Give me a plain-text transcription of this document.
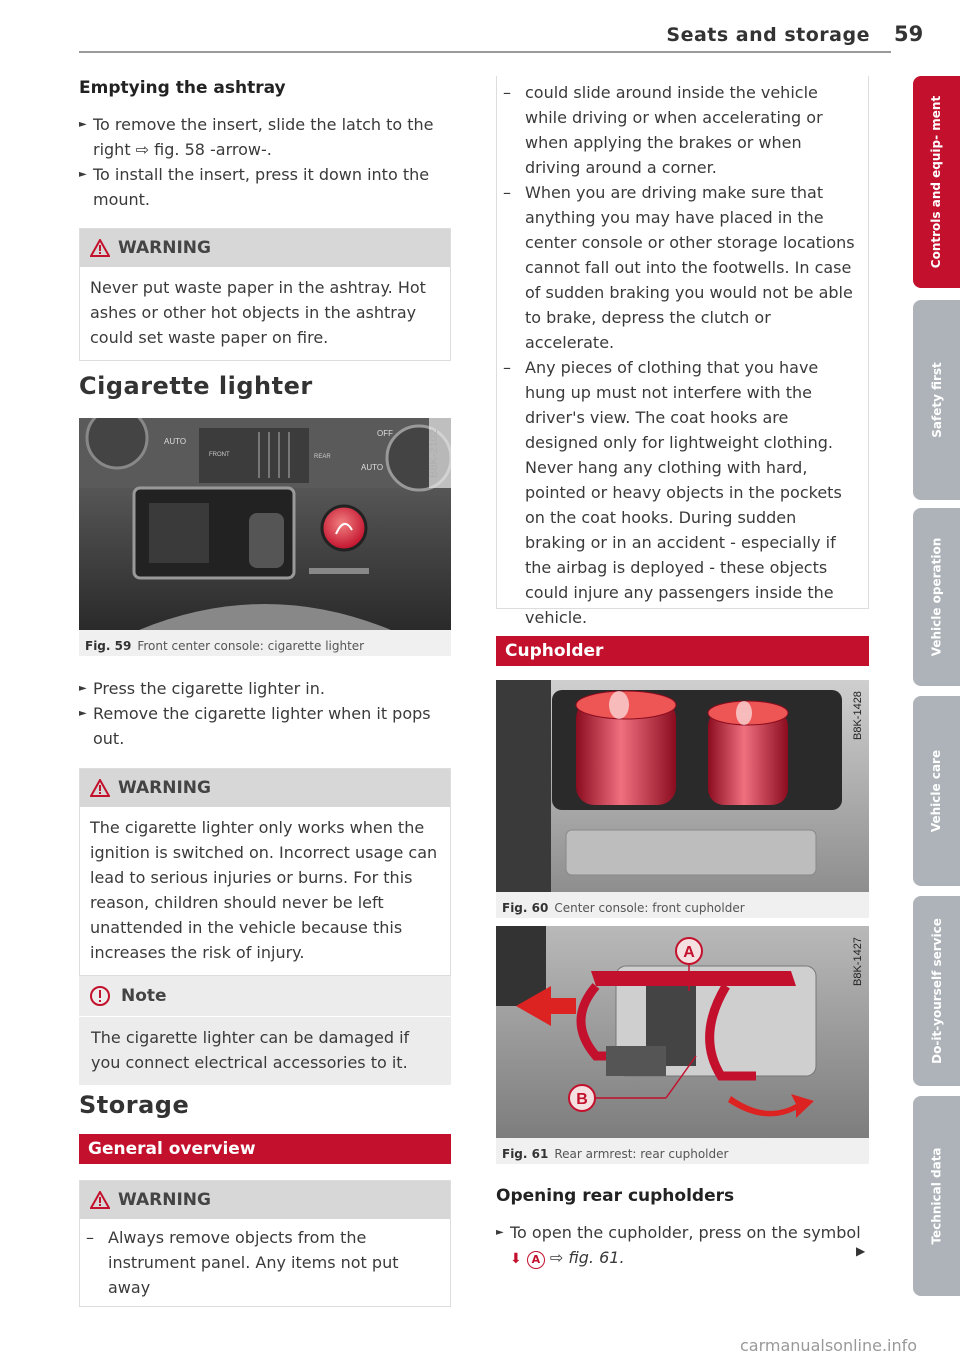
Seats and storage 59
Emptying the ashtray

► To remove the insert, slide the latch to the right ⇨ fig. 58 -arrow-.

► To install the insert, press it down into the mount.

WARNING

Never put waste paper in the ashtray. Hot ashes or other hot objects in the ashtray could set waste paper on fire.

Cigarette lighter
AUTO
OFF
AUTO
FRONT	REAR
Fig. 59 Front center console: cigarette lighter

► Press the cigarette lighter in.

► Remove the cigarette lighter when it pops out.

WARNING

The cigarette lighter only works when the ignition is switched on. Incorrect usage can lead to serious injuries or burns. For this reason, children should never be left unattended in the vehicle because this increases the risk of injury.

Note

The cigarette lighter can be damaged if you connect electrical accessories to it.

Storage
General overview
WARNING

– Always remove objects from the instrument panel. Any items not put away

– could slide around inside the vehicle while driving or when accelerating or when applying the brakes or when driving around a corner.

– When you are driving make sure that anything you may have placed in the center console or other storage locations cannot fall out into the footwells. In case of sudden braking you would not be able to brake, depress the clutch or accelerate.

– Any pieces of clothing that you have hung up must not interfere with the driver's view. The coat hooks are designed only for lightweight clothing. Never hang any clothing with hard, pointed or heavy objects in the pockets on the coat hooks. During sudden braking or in an accident - especially if the airbag is deployed - these objects could injure any passengers inside the vehicle.

Cupholder
B8K-1428
Fig. 60 Center console: front cupholder
A
B
B8K-1427
Fig. 61 Rear armrest: rear cupholder
Opening rear cupholders

► To open the cupholder, press on the symbol

⬇︎ A ⇨ fig. 61.	▶
Controls and equip- ment
Safety first
Vehicle operation
Vehicle care
Do-it-yourself service
Technical data
carmanualsonline.info
